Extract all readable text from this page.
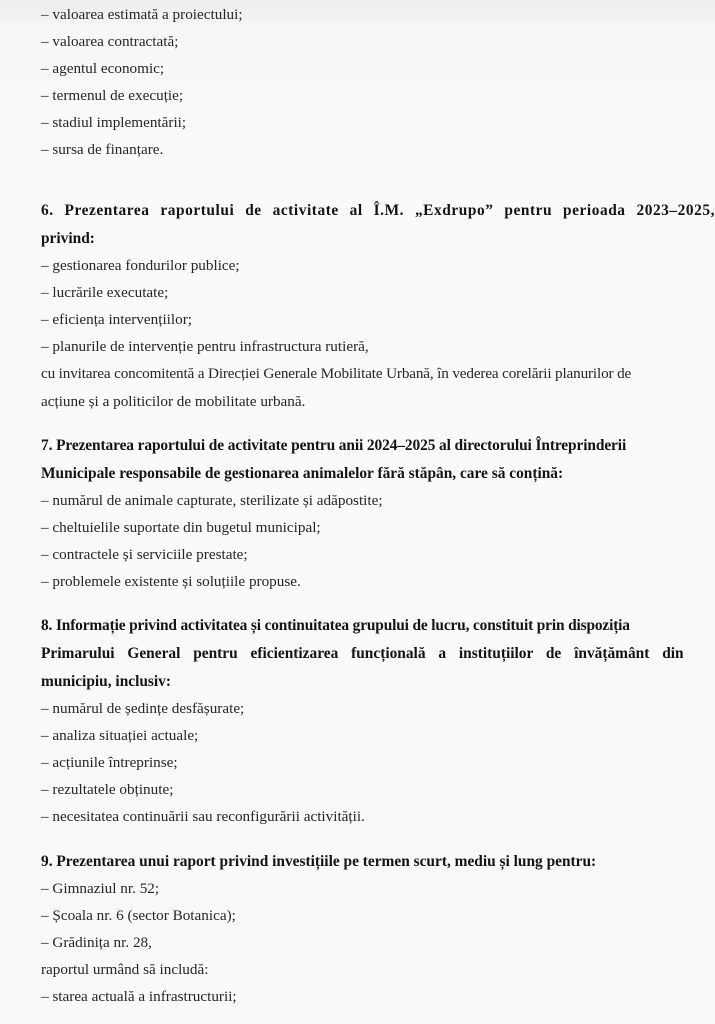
– valoarea estimată a proiectului;
– valoarea contractată;
– agentul economic;
– termenul de execuție;
– stadiul implementării;
– sursa de finanțare.
6. Prezentarea raportului de activitate al Î.M. „Exdrupo” pentru perioada 2023–2025,
privind:
– gestionarea fondurilor publice;
– lucrările executate;
– eficiența intervențiilor;
– planurile de intervenție pentru infrastructura rutieră,
cu invitarea concomitentă a Direcției Generale Mobilitate Urbană, în vederea corelării planurilor de
acțiune și a politicilor de mobilitate urbană.
7. Prezentarea raportului de activitate pentru anii 2024–2025 al directorului Întreprinderii
Municipale responsabile de gestionarea animalelor fără stăpân, care să conțină:
– numărul de animale capturate, sterilizate și adăpostite;
– cheltuielile suportate din bugetul municipal;
– contractele și serviciile prestate;
– problemele existente și soluțiile propuse.
8. Informație privind activitatea și continuitatea grupului de lucru, constituit prin dispoziția
Primarului General pentru eficientizarea funcțională a instituțiilor de învățământ din
municipiu, inclusiv:
– numărul de ședințe desfășurate;
– analiza situației actuale;
– acțiunile întreprinse;
– rezultatele obținute;
– necesitatea continuării sau reconfigurării activității.
9. Prezentarea unui raport privind investițiile pe termen scurt, mediu și lung pentru:
– Gimnaziul nr. 52;
– Școala nr. 6 (sector Botanica);
– Grădinița nr. 28,
raportul urmând să includă:
– starea actuală a infrastructurii;
